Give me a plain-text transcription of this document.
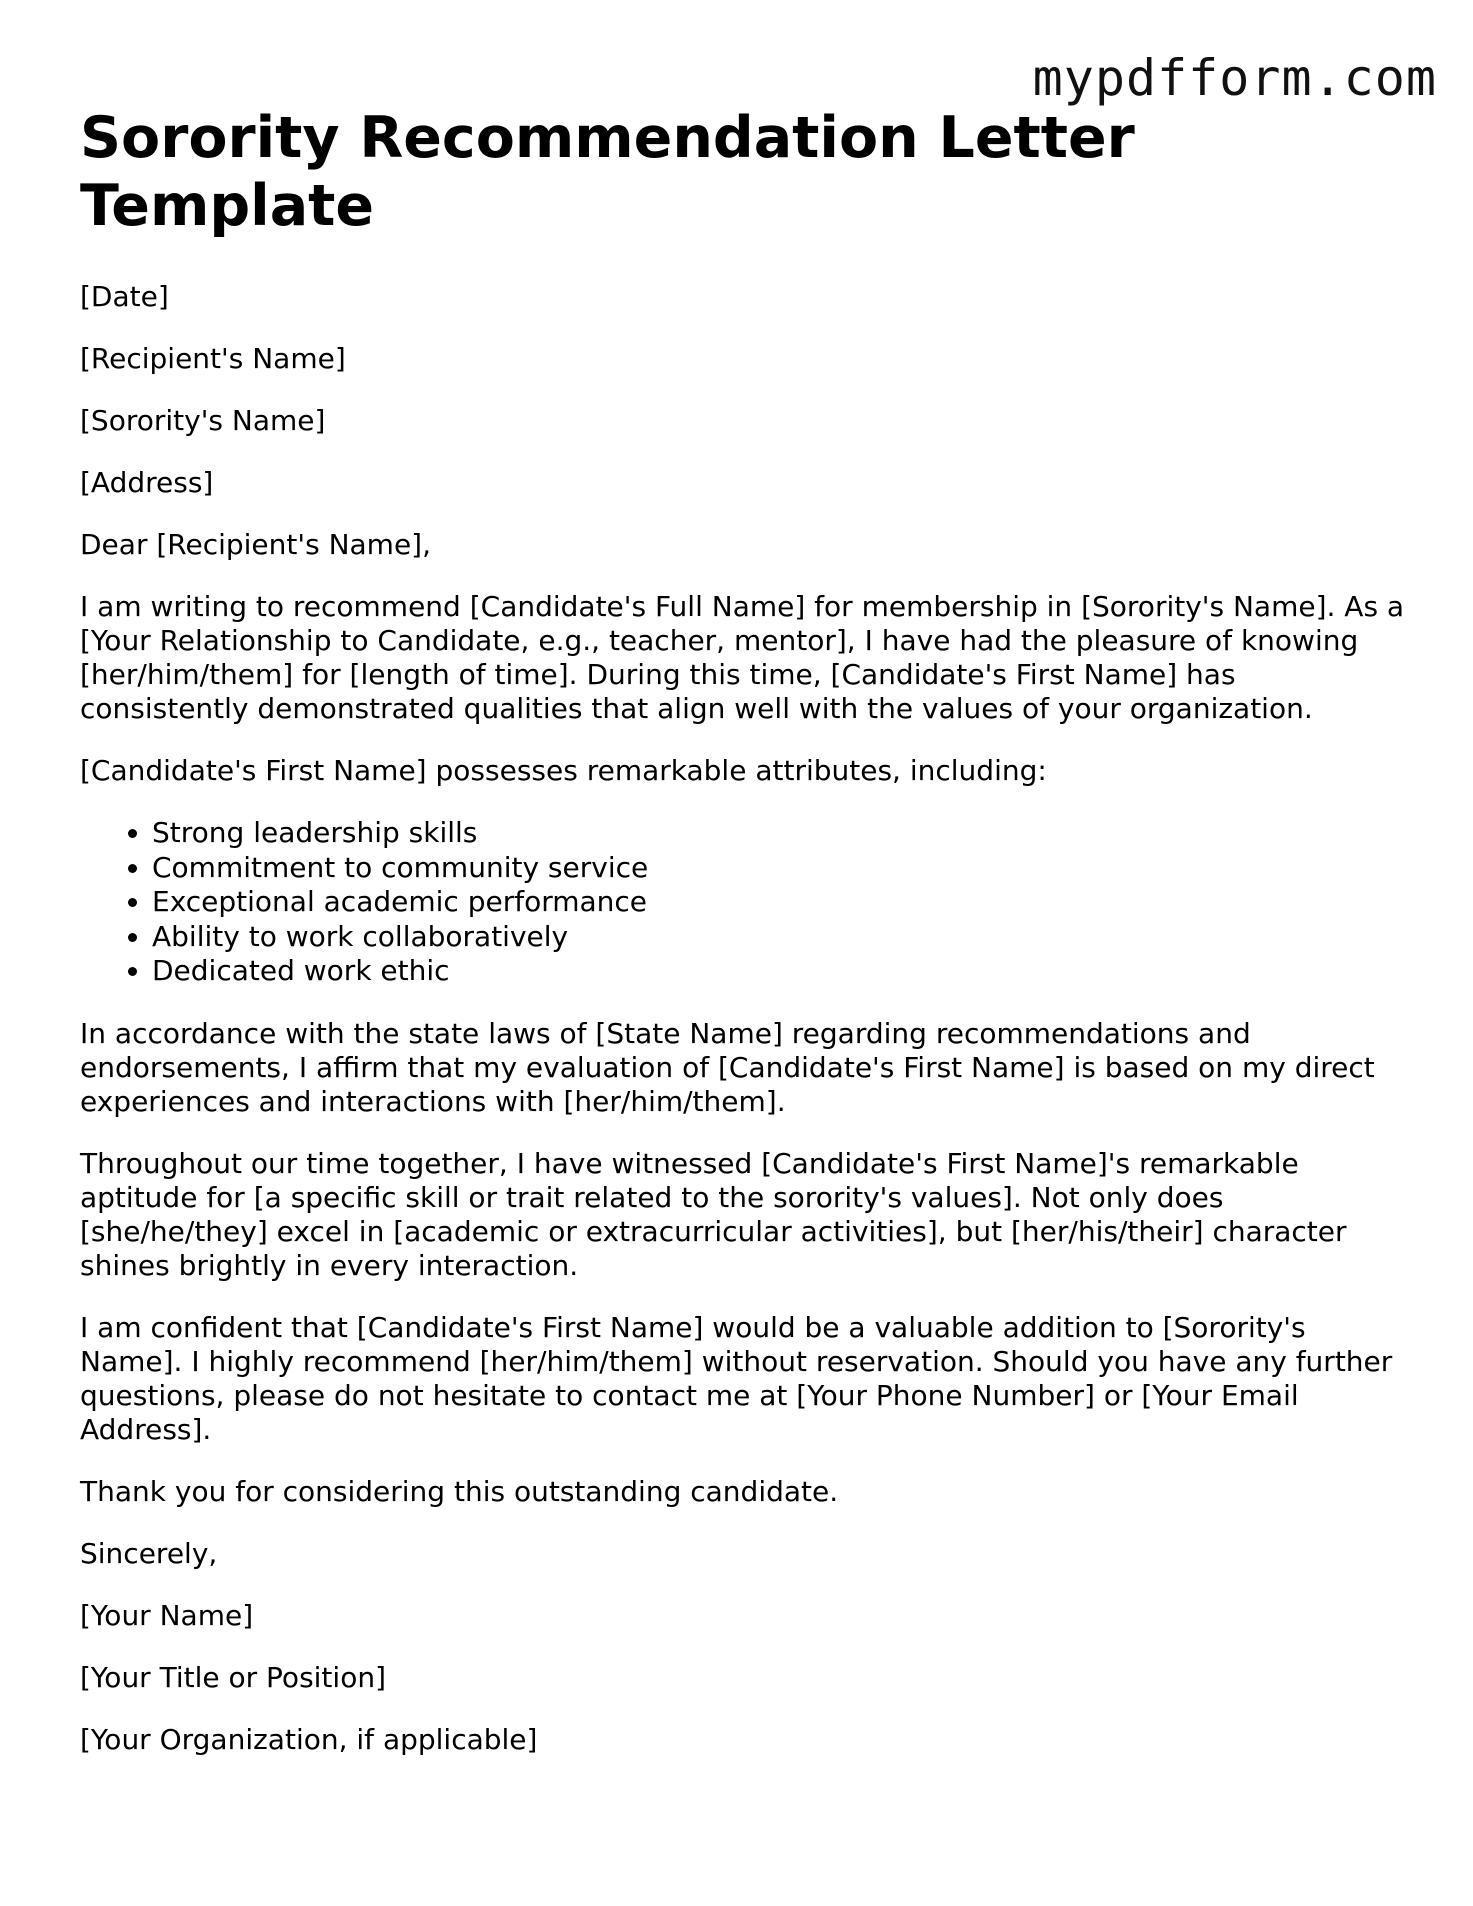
mypdfform.com
Sorority Recommendation Letter Template

[Date]

[Recipient's Name]

[Sorority's Name]

[Address]

Dear [Recipient's Name],

I am writing to recommend [Candidate's Full Name] for membership in [Sorority's Name]. As a [Your Relationship to Candidate, e.g., teacher, mentor], I have had the pleasure of knowing [her/him/them] for [length of time]. During this time, [Candidate's First Name] has consistently demonstrated qualities that align well with the values of your organization.

[Candidate's First Name] possesses remarkable attributes, including:

• Strong leadership skills
• Commitment to community service
• Exceptional academic performance
• Ability to work collaboratively
• Dedicated work ethic

In accordance with the state laws of [State Name] regarding recommendations and endorsements, I affirm that my evaluation of [Candidate's First Name] is based on my direct experiences and interactions with [her/him/them].

Throughout our time together, I have witnessed [Candidate's First Name]'s remarkable aptitude for [a specific skill or trait related to the sorority's values]. Not only does [she/he/they] excel in [academic or extracurricular activities], but [her/his/their] character shines brightly in every interaction.

I am confident that [Candidate's First Name] would be a valuable addition to [Sorority's Name]. I highly recommend [her/him/them] without reservation. Should you have any further questions, please do not hesitate to contact me at [Your Phone Number] or [Your Email Address].

Thank you for considering this outstanding candidate.

Sincerely,

[Your Name]

[Your Title or Position]

[Your Organization, if applicable]
